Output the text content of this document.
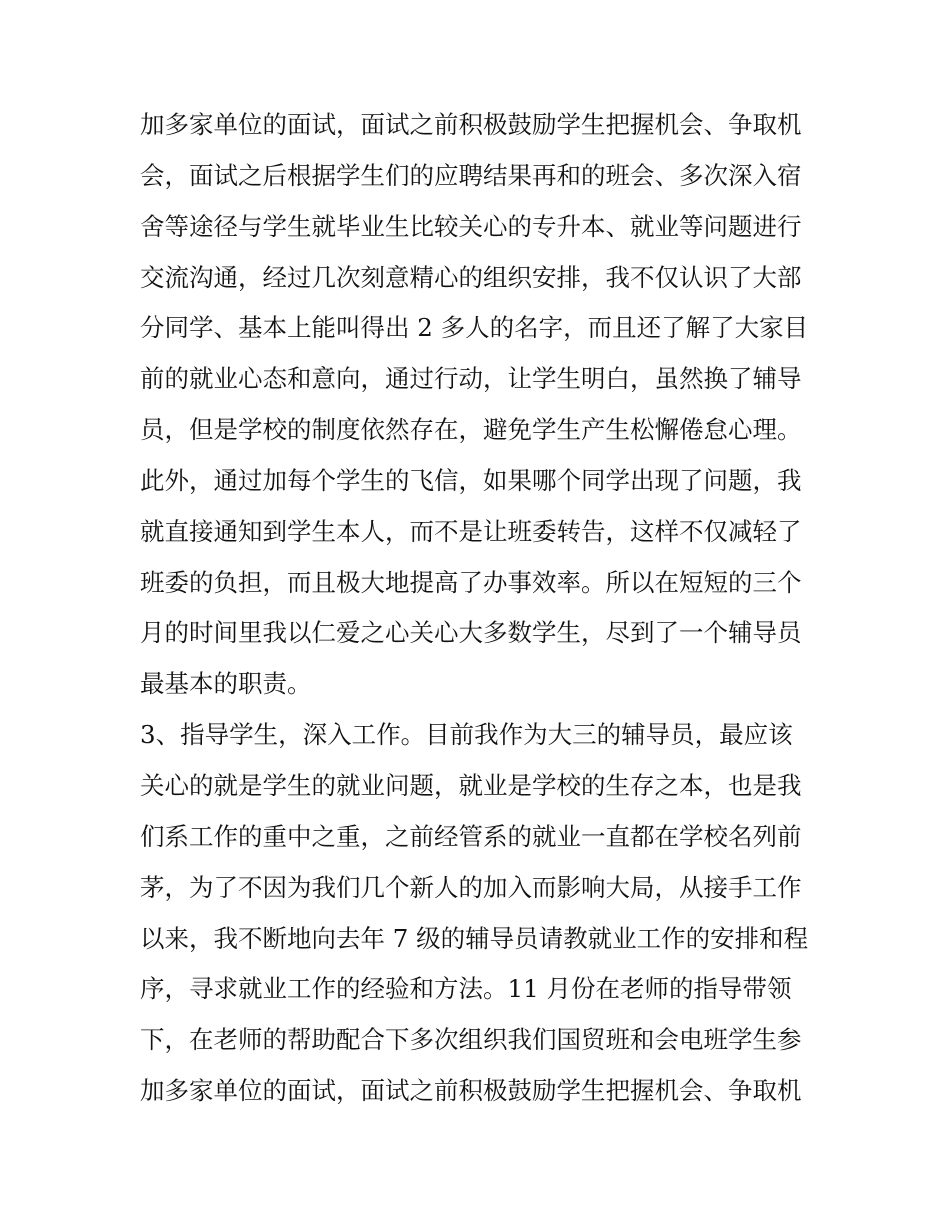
加多家单位的面试，面试之前积极鼓励学生把握机会、争取机
会，面试之后根据学生们的应聘结果再和的班会、多次深入宿
舍等途径与学生就毕业生比较关心的专升本、就业等问题进行
交流沟通，经过几次刻意精心的组织安排，我不仅认识了大部
分同学、基本上能叫得出 2 多人的名字，而且还了解了大家目
前的就业心态和意向，通过行动，让学生明白，虽然换了辅导
员，但是学校的制度依然存在，避免学生产生松懈倦怠心理。
此外，通过加每个学生的飞信，如果哪个同学出现了问题，我
就直接通知到学生本人，而不是让班委转告，这样不仅减轻了
班委的负担，而且极大地提高了办事效率。所以在短短的三个
月的时间里我以仁爱之心关心大多数学生，尽到了一个辅导员
最基本的职责。
3、指导学生，深入工作。目前我作为大三的辅导员，最应该
关心的就是学生的就业问题，就业是学校的生存之本，也是我
们系工作的重中之重，之前经管系的就业一直都在学校名列前
茅，为了不因为我们几个新人的加入而影响大局，从接手工作
以来，我不断地向去年 7 级的辅导员请教就业工作的安排和程
序，寻求就业工作的经验和方法。11 月份在老师的指导带领
下，在老师的帮助配合下多次组织我们国贸班和会电班学生参
加多家单位的面试，面试之前积极鼓励学生把握机会、争取机
